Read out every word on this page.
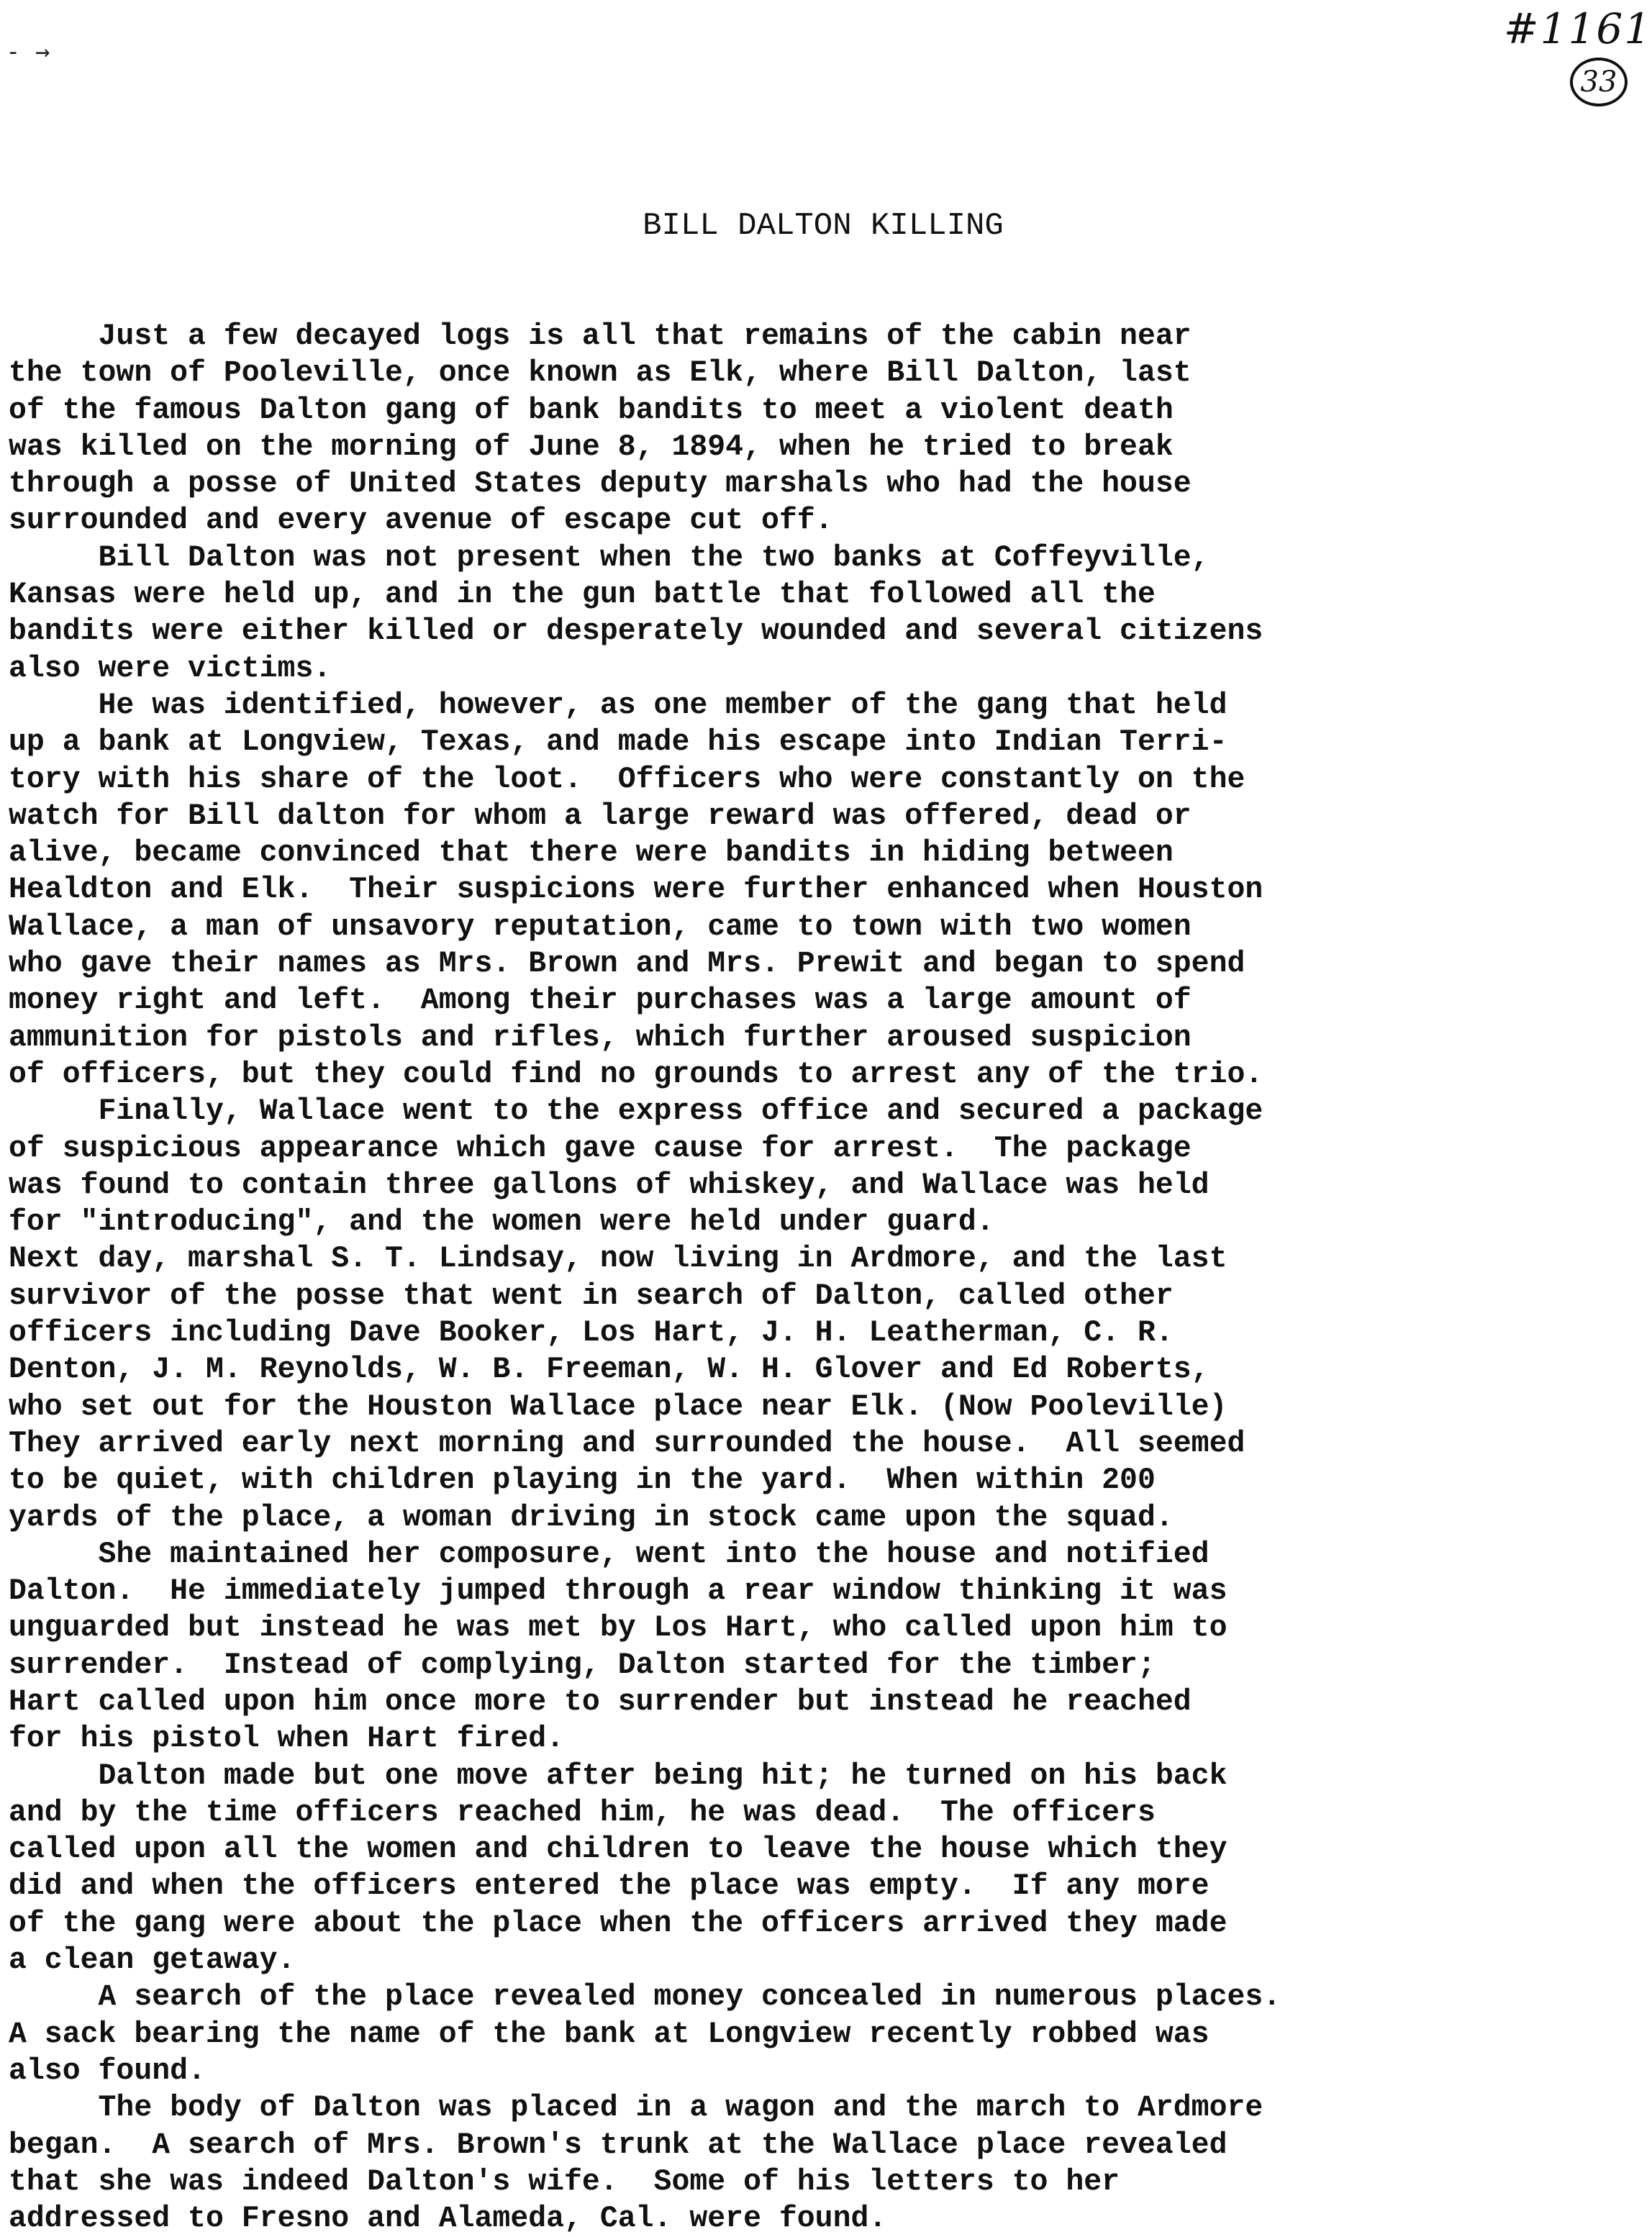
- →	#1161
33
BILL DALTON KILLING
Just a few decayed logs is all that remains of the cabin near
the town of Pooleville, once known as Elk, where Bill Dalton, last
of the famous Dalton gang of bank bandits to meet a violent death
was killed on the morning of June 8, 1894, when he tried to break
through a posse of United States deputy marshals who had the house
surrounded and every avenue of escape cut off.
Bill Dalton was not present when the two banks at Coffeyville,
Kansas were held up, and in the gun battle that followed all the
bandits were either killed or desperately wounded and several citizens
also were victims.
He was identified, however, as one member of the gang that held
up a bank at Longview, Texas, and made his escape into Indian Terri-
tory with his share of the loot.  Officers who were constantly on the
watch for Bill dalton for whom a large reward was offered, dead or
alive, became convinced that there were bandits in hiding between
Healdton and Elk.  Their suspicions were further enhanced when Houston
Wallace, a man of unsavory reputation, came to town with two women
who gave their names as Mrs. Brown and Mrs. Prewit and began to spend
money right and left.  Among their purchases was a large amount of
ammunition for pistols and rifles, which further aroused suspicion
of officers, but they could find no grounds to arrest any of the trio.
Finally, Wallace went to the express office and secured a package
of suspicious appearance which gave cause for arrest.  The package
was found to contain three gallons of whiskey, and Wallace was held
for "introducing", and the women were held under guard.
Next day, marshal S. T. Lindsay, now living in Ardmore, and the last
survivor of the posse that went in search of Dalton, called other
officers including Dave Booker, Los Hart, J. H. Leatherman, C. R.
Denton, J. M. Reynolds, W. B. Freeman, W. H. Glover and Ed Roberts,
who set out for the Houston Wallace place near Elk. (Now Pooleville)
They arrived early next morning and surrounded the house.  All seemed
to be quiet, with children playing in the yard.  When within 200
yards of the place, a woman driving in stock came upon the squad.
She maintained her composure, went into the house and notified
Dalton.  He immediately jumped through a rear window thinking it was
unguarded but instead he was met by Los Hart, who called upon him to
surrender.  Instead of complying, Dalton started for the timber;
Hart called upon him once more to surrender but instead he reached
for his pistol when Hart fired.
Dalton made but one move after being hit; he turned on his back
and by the time officers reached him, he was dead.  The officers
called upon all the women and children to leave the house which they
did and when the officers entered the place was empty.  If any more
of the gang were about the place when the officers arrived they made
a clean getaway.
A search of the place revealed money concealed in numerous places.
A sack bearing the name of the bank at Longview recently robbed was
also found.
The body of Dalton was placed in a wagon and the march to Ardmore
began.  A search of Mrs. Brown's trunk at the Wallace place revealed
that she was indeed Dalton's wife.  Some of his letters to her
addressed to Fresno and Alameda, Cal. were found.
